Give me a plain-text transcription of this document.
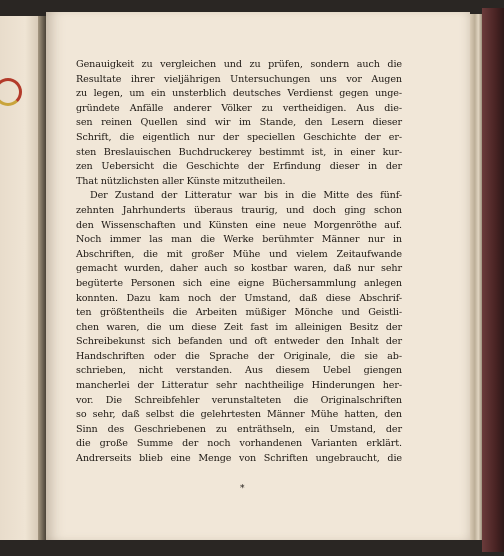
Genauigkeit zu vergleichen und zu prüfen, sondern auch die
Resultate ihrer vieljährigen Untersuchungen uns vor Augen
zu legen, um ein unsterblich deutsches Verdienst gegen unge-
gründete Anfälle anderer Völker zu vertheidigen. Aus die-
sen reinen Quellen sind wir im Stande, den Lesern dieser
Schrift, die eigentlich nur der speciellen Geschichte der er-
sten Breslauischen Buchdruckerey bestimmt ist, in einer kur-
zen Uebersicht die Geschichte der Erfindung dieser in der
That nützlichsten aller Künste mitzutheilen.
Der Zustand der Litteratur war bis in die Mitte des fünf-
zehnten Jahrhunderts überaus traurig, und doch ging schon
den Wissenschaften und Künsten eine neue Morgenröthe auf.
Noch immer las man die Werke berühmter Männer nur in
Abschriften, die mit großer Mühe und vielem Zeitaufwande
gemacht wurden, daher auch so kostbar waren, daß nur sehr
begüterte Personen sich eine eigne Büchersammlung anlegen
konnten. Dazu kam noch der Umstand, daß diese Abschrif-
ten größtentheils die Arbeiten müßiger Mönche und Geistli-
chen waren, die um diese Zeit fast im alleinigen Besitz der
Schreibekunst sich befanden und oft entweder den Inhalt der
Handschriften oder die Sprache der Originale, die sie ab-
schrieben, nicht verstanden. Aus diesem Uebel giengen
mancherlei der Litteratur sehr nachtheilige Hinderungen her-
vor. Die Schreibfehler verunstalteten die Originalschriften
so sehr, daß selbst die gelehrtesten Männer Mühe hatten, den
Sinn des Geschriebenen zu enträthseln, ein Umstand, der
die große Summe der noch vorhandenen Varianten erklärt.
Andrerseits blieb eine Menge von Schriften ungebraucht, die
*
